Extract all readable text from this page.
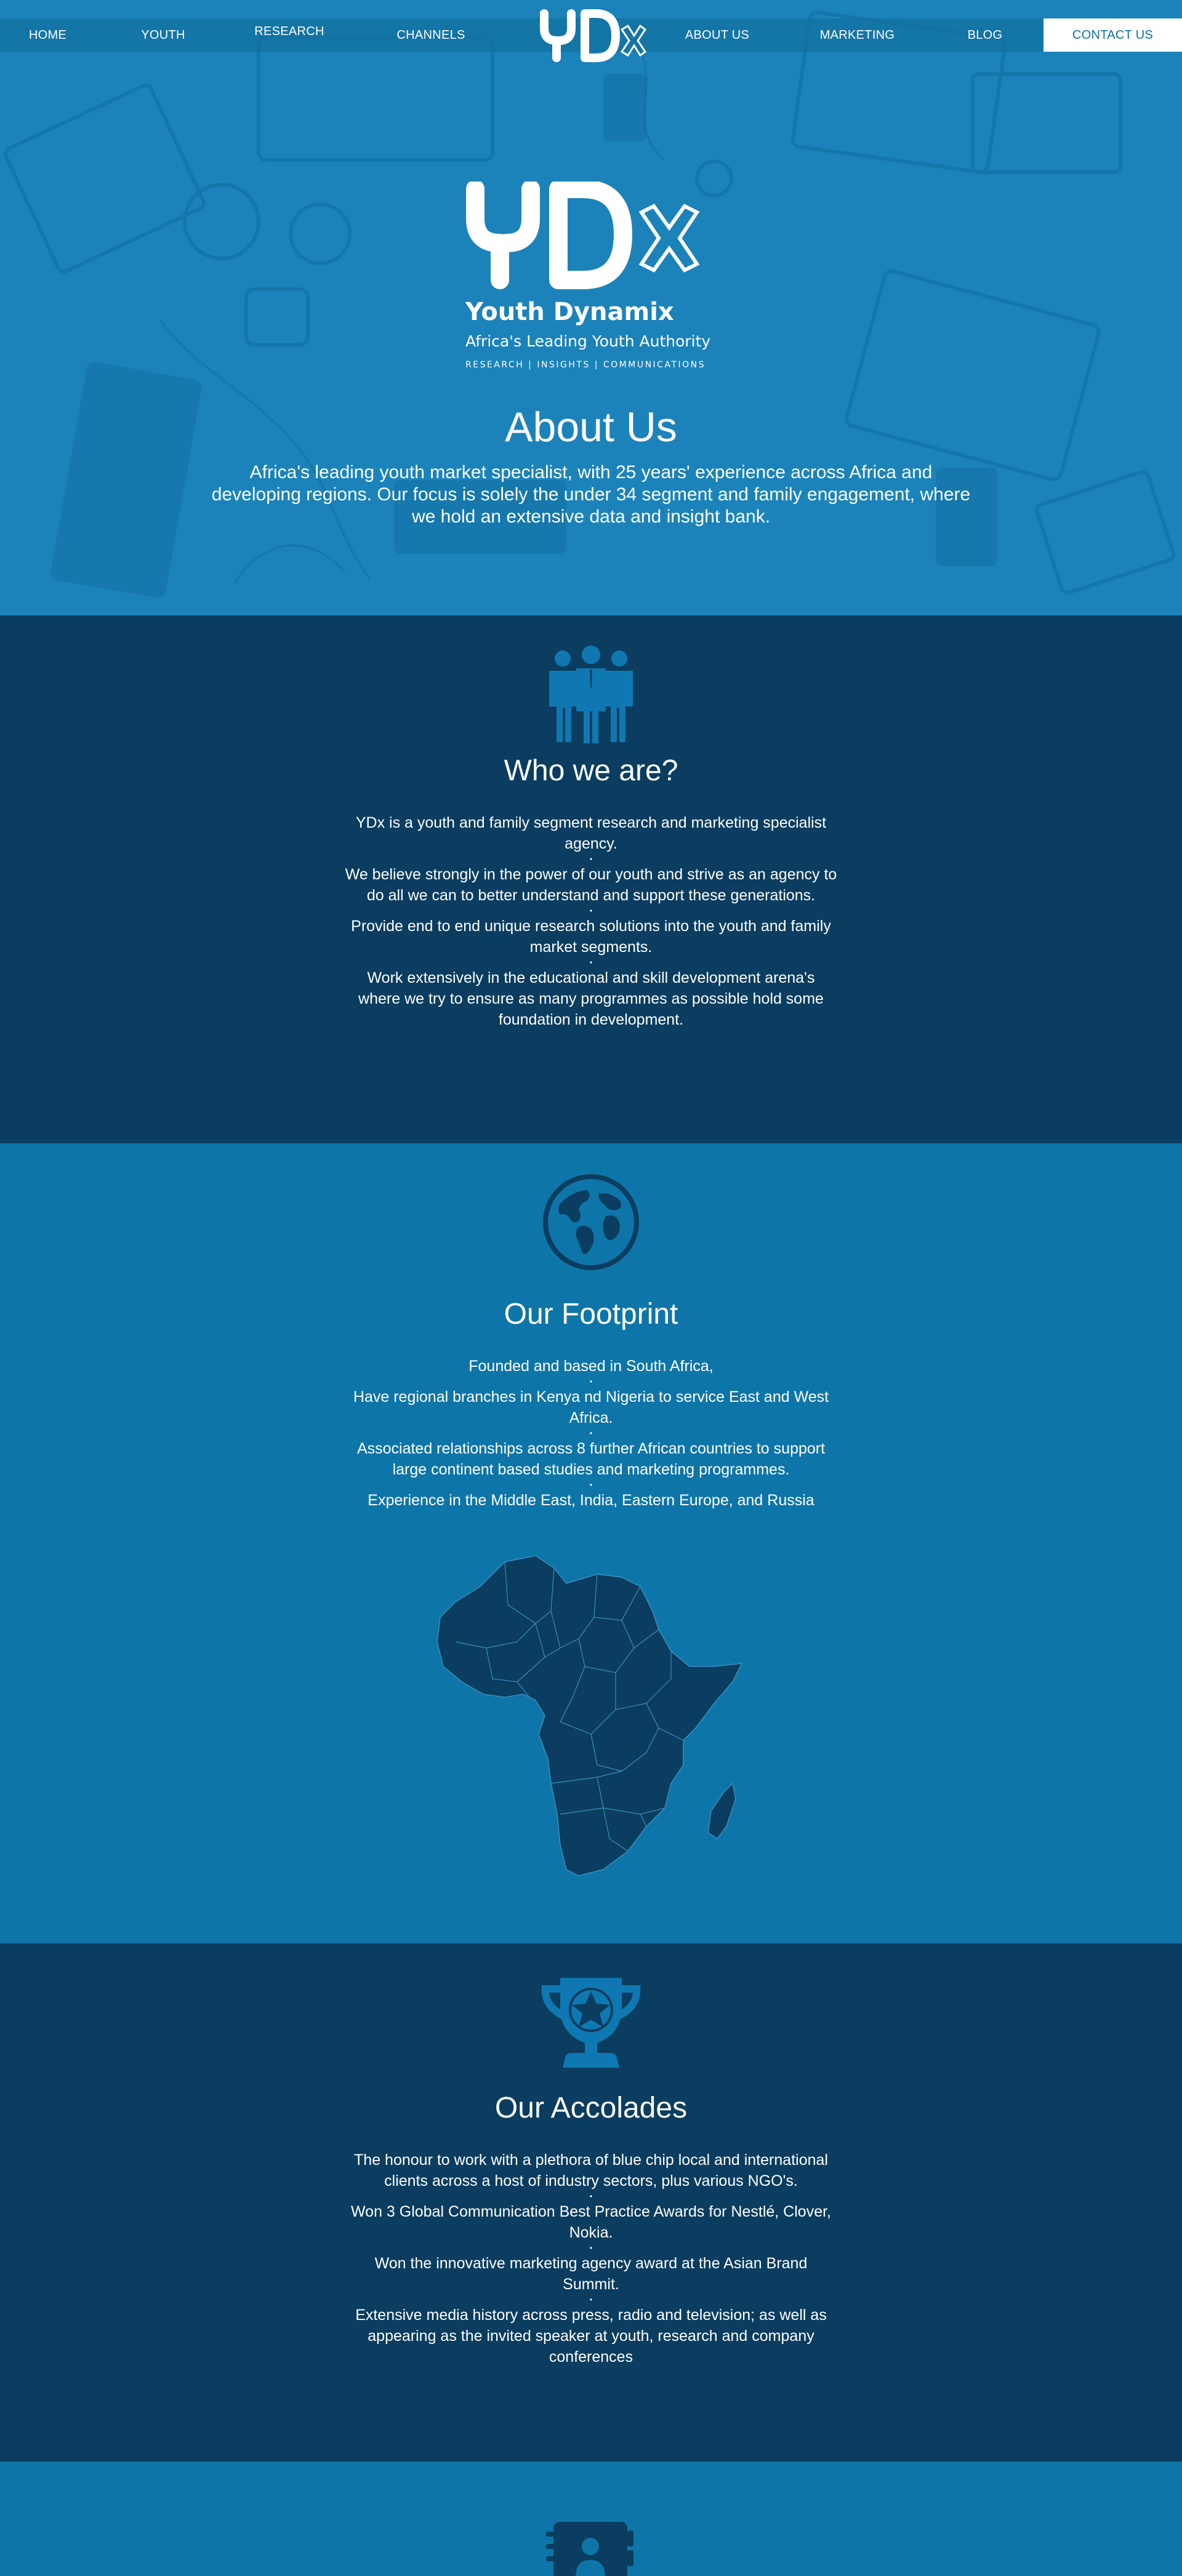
Youth Dynamix
Africa's Leading Youth Authority
RESEARCH | INSIGHTS | COMMUNICATIONS
About Us

Africa's leading youth market specialist, with 25 years' experience across Africa and developing regions. Our focus is solely the under 34 segment and family engagement, where we hold an extensive data and insight bank.

HOME	YOUTH	RESEARCH	CHANNELS	ABOUT US	MARKETING	BLOG	CONTACT US
Who we are?

YDx is a youth and family segment research and marketing specialist agency.

•

We believe strongly in the power of our youth and strive as an agency to do all we can to better understand and support these generations.

•

Provide end to end unique research solutions into the youth and family market segments.

•

Work extensively in the educational and skill development arena's where we try to ensure as many programmes as possible hold some foundation in development.

Our Footprint

Founded and based in South Africa,

•

Have regional branches in Kenya nd Nigeria to service East and West Africa.

•

Associated relationships across 8 further African countries to support large continent based studies and marketing programmes.

•

Experience in the Middle East, India, Eastern Europe, and Russia

Our Accolades

The honour to work with a plethora of blue chip local and international clients across a host of industry sectors, plus various NGO's.

•

Won 3 Global Communication Best Practice Awards for Nestlé, Clover, Nokia.

•

Won the innovative marketing agency award at the Asian Brand Summit.

•

Extensive media history across press, radio and television; as well as appearing as the invited speaker at youth, research and company conferences
